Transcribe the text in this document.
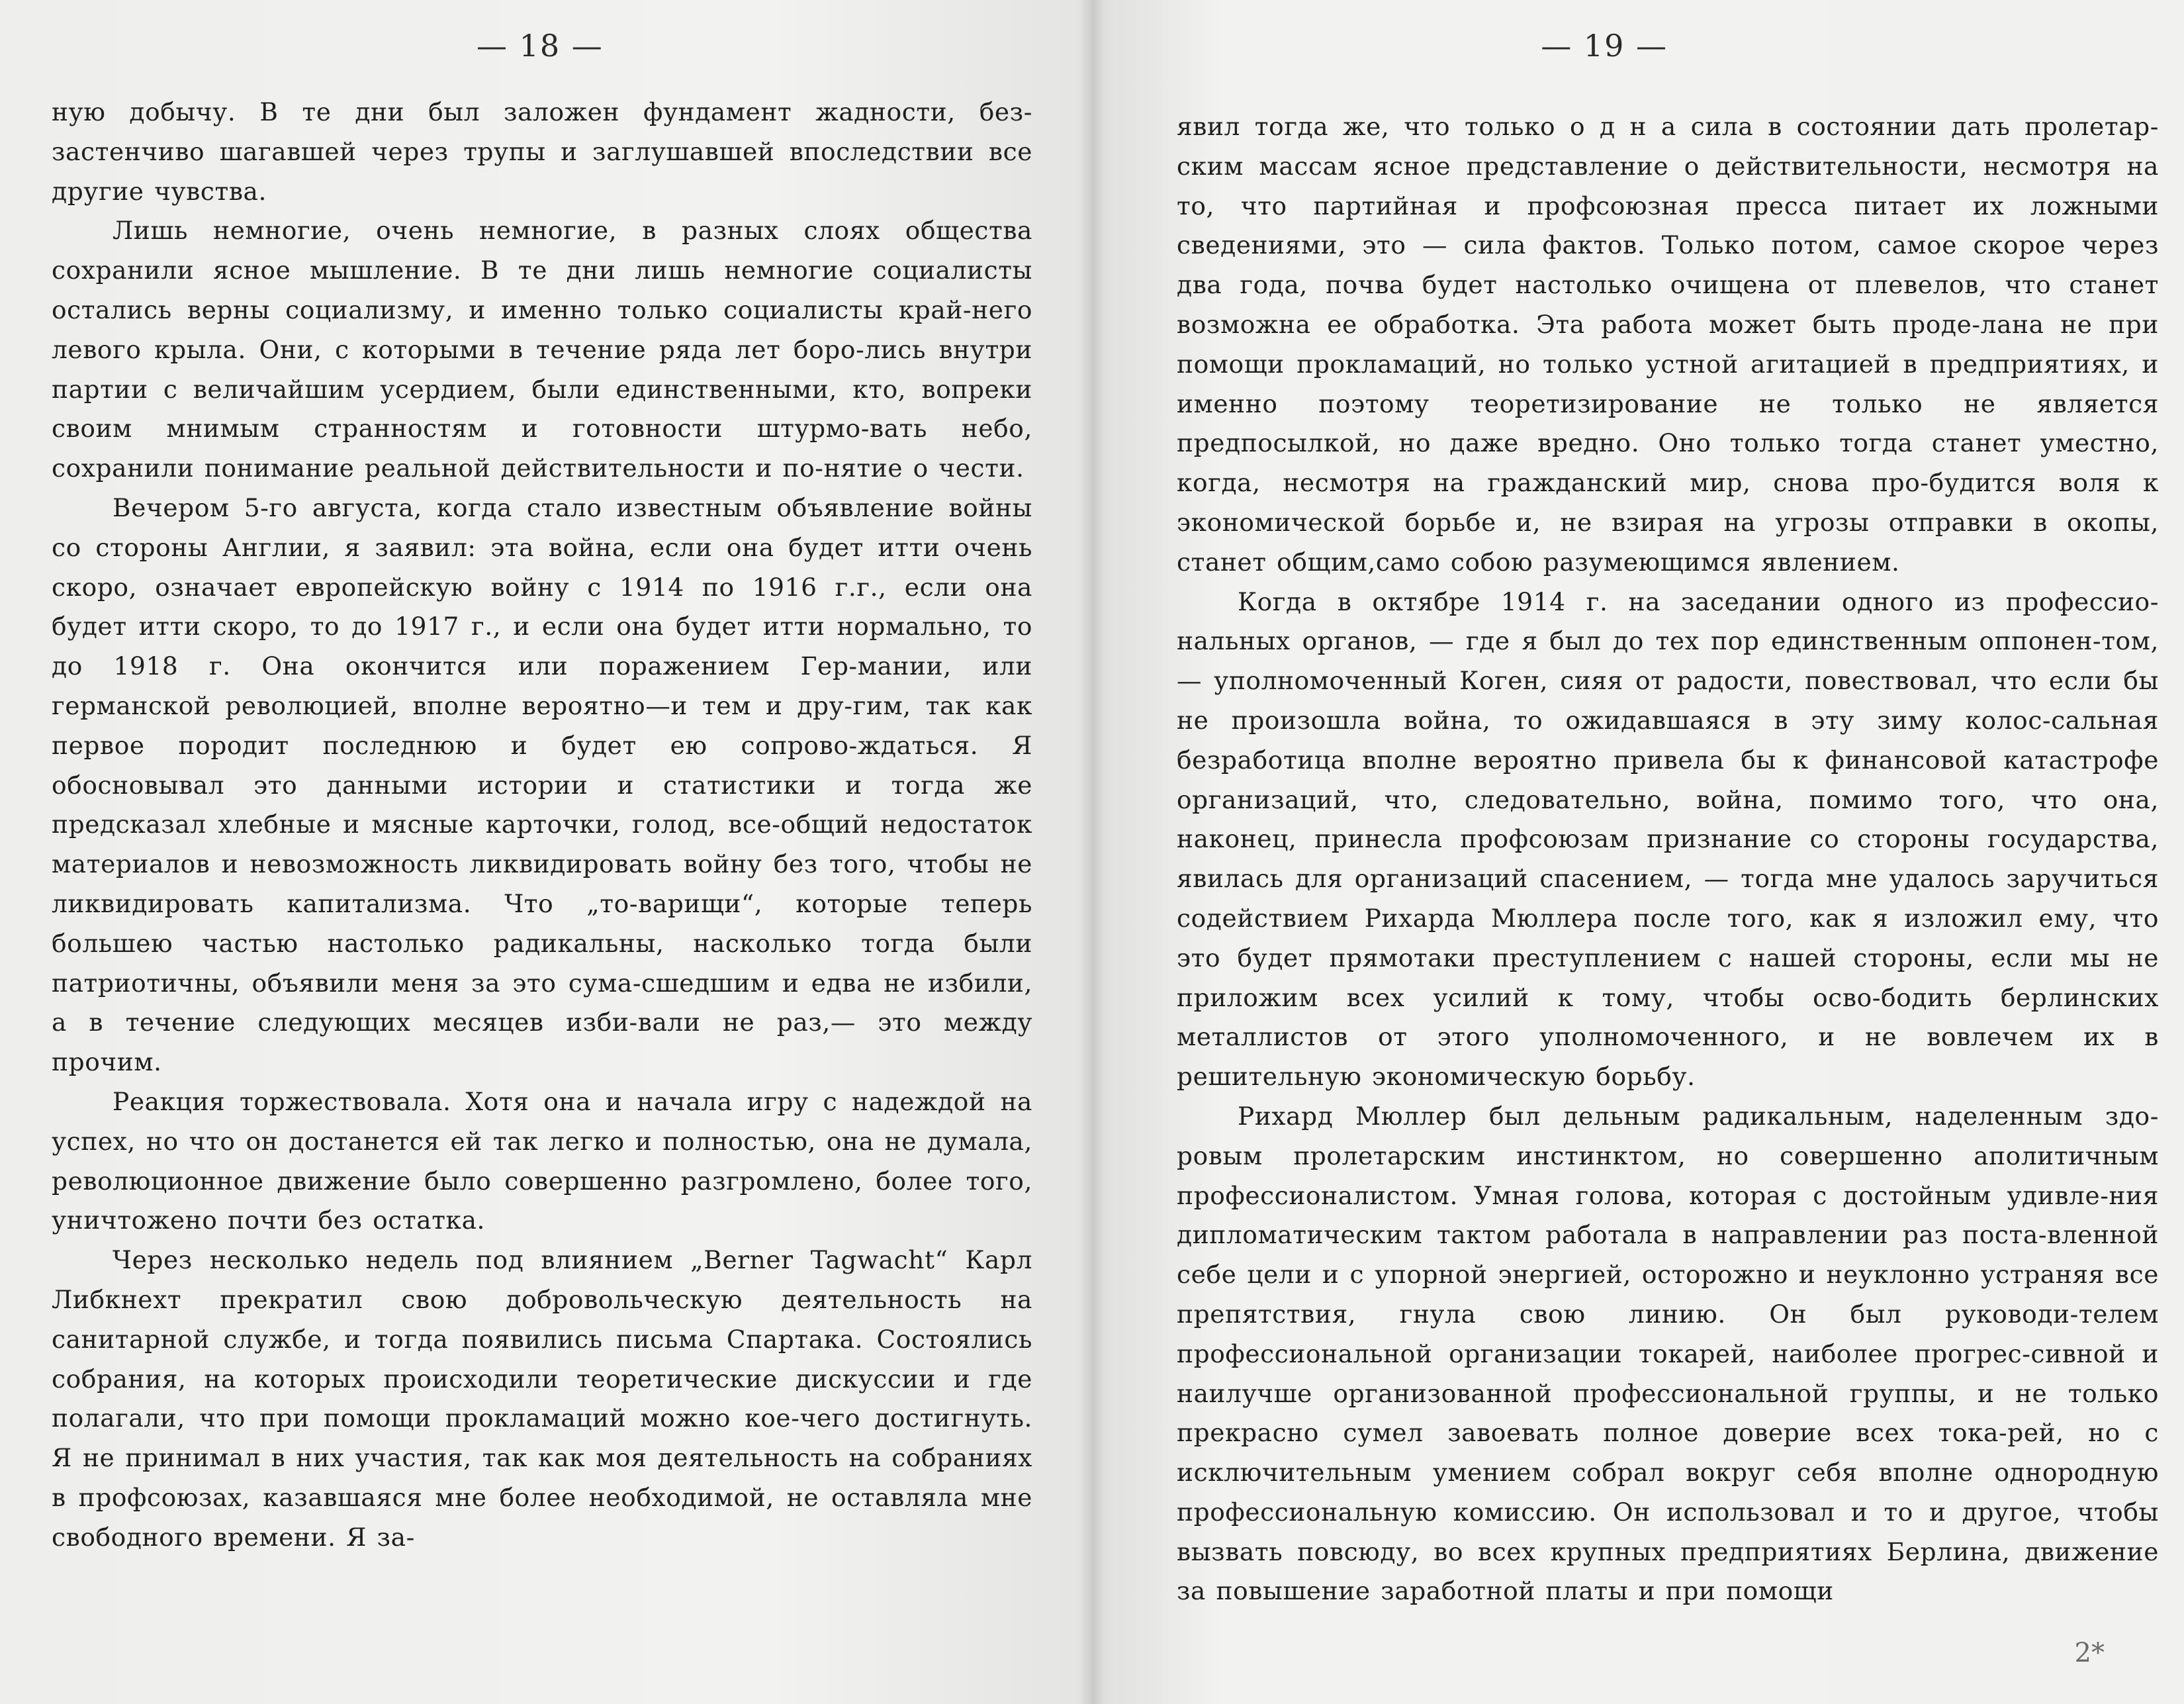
— 18 —

ную добычу. В те дни был заложен фундамент жадности, без-застенчиво шагавшей через трупы и заглушавшей впоследствии все другие чувства.

Лишь немногие, очень немногие, в разных слоях общества сохранили ясное мышление. В те дни лишь немногие социалисты остались верны социализму, и именно только социалисты край-него левого крыла. Они, с которыми в течение ряда лет боро-лись внутри партии с величайшим усердием, были единственными, кто, вопреки своим мнимым странностям и готовности штурмо-вать небо, сохранили понимание реальной действительности и по-нятие о чести.

Вечером 5-го августа, когда стало известным объявление войны со стороны Англии, я заявил: эта война, если она будет итти очень скоро, означает европейскую войну с 1914 по 1916 г.г., если она будет итти скоро, то до 1917 г., и если она будет итти нормально, то до 1918 г. Она окончится или поражением Гер-мании, или германской революцией, вполне вероятно—и тем и дру-гим, так как первое породит последнюю и будет ею сопрово-ждаться. Я обосновывал это данными истории и статистики и тогда же предсказал хлебные и мясные карточки, голод, все-общий недостаток материалов и невозможность ликвидировать войну без того, чтобы не ликвидировать капитализма. Что „то-варищи“, которые теперь большею частью настолько радикальны, насколько тогда были патриотичны, объявили меня за это сума-сшедшим и едва не избили, а в течение следующих месяцев изби-вали не раз,— это между прочим.

Реакция торжествовала. Хотя она и начала игру с надеждой на успех, но что он достанется ей так легко и полностью, она не думала, революционное движение было совершенно разгромлено, более того, уничтожено почти без остатка.

Через несколько недель под влиянием „Berner Tagwacht“ Карл Либкнехт прекратил свою добровольческую деятельность на санитарной службе, и тогда появились письма Спартака. Состоялись собрания, на которых происходили теоретические дискуссии и где полагали, что при помощи прокламаций можно кое-чего достигнуть. Я не принимал в них участия, так как моя деятельность на собраниях в профсоюзах, казавшаяся мне более необходимой, не оставляла мне свободного времени. Я за-

— 19 —

явил тогда же, что только о д н а сила в состоянии дать пролетар-ским массам ясное представление о действительности, несмотря на то, что партийная и профсоюзная пресса питает их ложными сведениями, это — сила фактов. Только потом, самое скорое через два года, почва будет настолько очищена от плевелов, что станет возможна ее обработка. Эта работа может быть проде-лана не при помощи прокламаций, но только устной агитацией в предприятиях, и именно поэтому теоретизирование не только не является предпосылкой, но даже вредно. Оно только тогда станет уместно, когда, несмотря на гражданский мир, снова про-будится воля к экономической борьбе и, не взирая на угрозы отправки в окопы, станет общим,само собою разумеющимся явлением.

Когда в октябре 1914 г. на заседании одного из профессио-нальных органов, — где я был до тех пор единственным оппонен-том, — уполномоченный Коген, сияя от радости, повествовал, что если бы не произошла война, то ожидавшаяся в эту зиму колос-сальная безработица вполне вероятно привела бы к финансовой катастрофе организаций, что, следовательно, война, помимо того, что она, наконец, принесла профсоюзам признание со стороны государства, явилась для организаций спасением, — тогда мне удалось заручиться содействием Рихарда Мюллера после того, как я изложил ему, что это будет прямотаки преступлением с нашей стороны, если мы не приложим всех усилий к тому, чтобы осво-бодить берлинских металлистов от этого уполномоченного, и не вовлечем их в решительную экономическую борьбу.

Рихард Мюллер был дельным радикальным, наделенным здо-ровым пролетарским инстинктом, но совершенно аполитичным профессионалистом. Умная голова, которая с достойным удивле-ния дипломатическим тактом работала в направлении раз поста-вленной себе цели и с упорной энергией, осторожно и неуклонно устраняя все препятствия, гнула свою линию. Он был руководи-телем профессиональной организации токарей, наиболее прогрес-сивной и наилучше организованной профессиональной группы, и не только прекрасно сумел завоевать полное доверие всех тока-рей, но с исключительным умением собрал вокруг себя вполне однородную профессиональную комиссию. Он использовал и то и другое, чтобы вызвать повсюду, во всех крупных предприятиях Берлина, движение за повышение заработной платы и при помощи

2*
